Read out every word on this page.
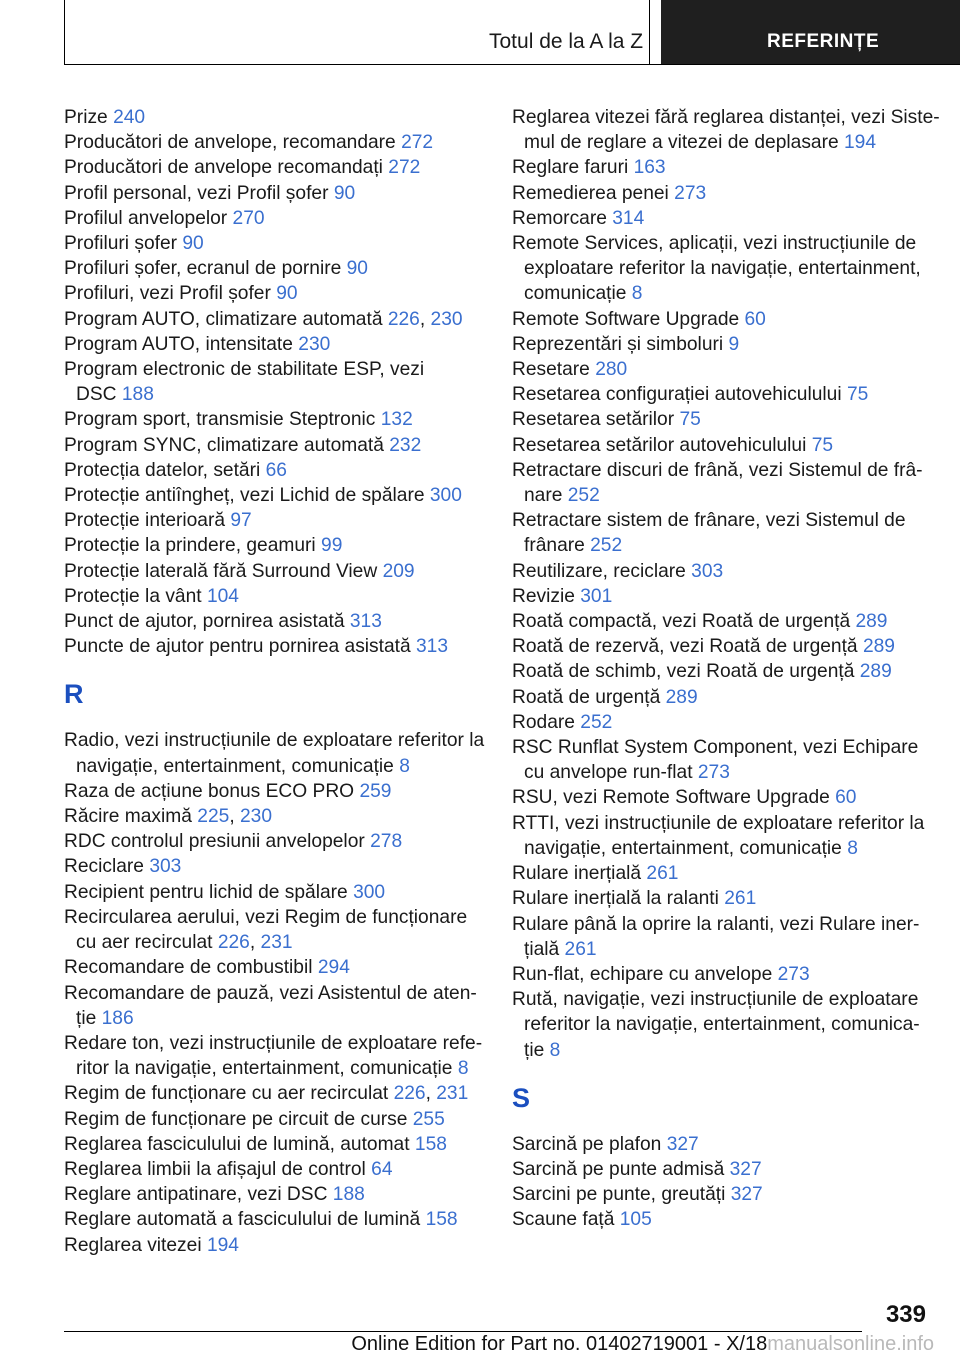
Totul de la A la Z	REFERINȚE
Prize 240
Producători de anvelope, recomandare 272
Producători de anvelope recomandați 272
Profil personal, vezi Profil șofer 90
Profilul anvelopelor 270
Profiluri șofer 90
Profiluri șofer, ecranul de pornire 90
Profiluri, vezi Profil șofer 90
Program AUTO, climatizare automată 226, 230
Program AUTO, intensitate 230
Program electronic de stabilitate ESP, vezi
DSC 188
Program sport, transmisie Steptronic 132
Program SYNC, climatizare automată 232
Protecția datelor, setări 66
Protecție antiîngheț, vezi Lichid de spălare 300
Protecție interioară 97
Protecție la prindere, geamuri 99
Protecție laterală fără Surround View 209
Protecție la vânt 104
Punct de ajutor, pornirea asistată 313
Puncte de ajutor pentru pornirea asistată 313
R
Radio, vezi instrucțiunile de exploatare referitor la
navigație, entertainment, comunicație 8
Raza de acțiune bonus ECO PRO 259
Răcire maximă 225, 230
RDC controlul presiunii anvelopelor 278
Reciclare 303
Recipient pentru lichid de spălare 300
Recircularea aerului, vezi Regim de funcționare
cu aer recirculat 226, 231
Recomandare de combustibil 294
Recomandare de pauză, vezi Asistentul de aten‐
ție 186
Redare ton, vezi instrucțiunile de exploatare refe‐
ritor la navigație, entertainment, comunicație 8
Regim de funcționare cu aer recirculat 226, 231
Regim de funcționare pe circuit de curse 255
Reglarea fasciculului de lumină, automat 158
Reglarea limbii la afișajul de control 64
Reglare antipatinare, vezi DSC 188
Reglare automată a fasciculului de lumină 158
Reglarea vitezei 194
Reglarea vitezei fără reglarea distanței, vezi Siste‐
mul de reglare a vitezei de deplasare 194
Reglare faruri 163
Remedierea penei 273
Remorcare 314
Remote Services, aplicații, vezi instrucțiunile de
exploatare referitor la navigație, entertainment,
comunicație 8
Remote Software Upgrade 60
Reprezentări și simboluri 9
Resetare 280
Resetarea configurației autovehiculului 75
Resetarea setărilor 75
Resetarea setărilor autovehiculului 75
Retractare discuri de frână, vezi Sistemul de frâ‐
nare 252
Retractare sistem de frânare, vezi Sistemul de
frânare 252
Reutilizare, reciclare 303
Revizie 301
Roată compactă, vezi Roată de urgență 289
Roată de rezervă, vezi Roată de urgență 289
Roată de schimb, vezi Roată de urgență 289
Roată de urgență 289
Rodare 252
RSC Runflat System Component, vezi Echipare
cu anvelope run-flat 273
RSU, vezi Remote Software Upgrade 60
RTTI, vezi instrucțiunile de exploatare referitor la
navigație, entertainment, comunicație 8
Rulare inerțială 261
Rulare inerțială la ralanti 261
Rulare până la oprire la ralanti, vezi Rulare iner‐
țială 261
Run-flat, echipare cu anvelope 273
Rută, navigație, vezi instrucțiunile de exploatare
referitor la navigație, entertainment, comunica‐
ție 8
S
Sarcină pe plafon 327
Sarcină pe punte admisă 327
Sarcini pe punte, greutăți 327
Scaune față 105
339
Online Edition for Part no. 01402719001 - X/18manualsonline.info
